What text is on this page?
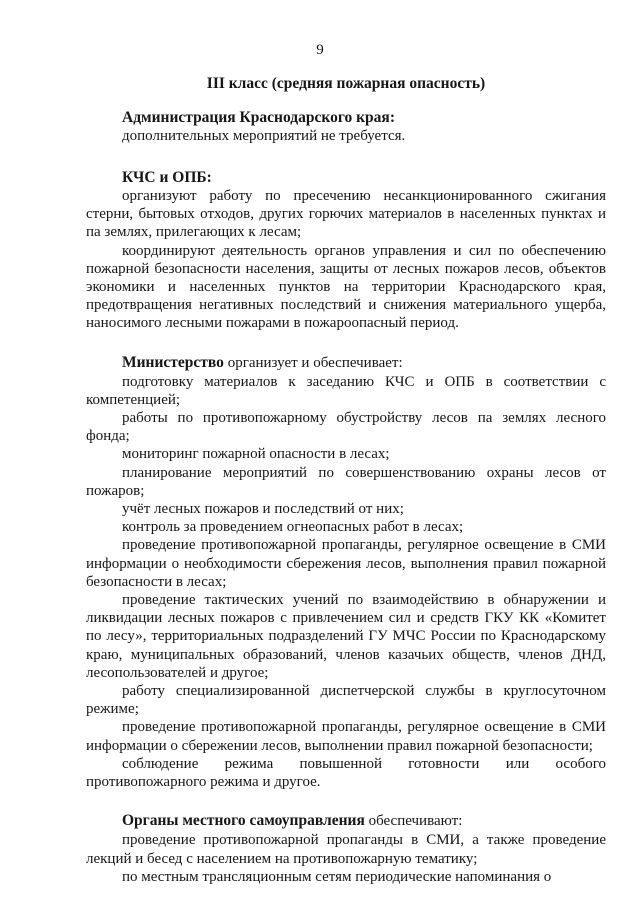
9
III класс (средняя пожарная опасность)
Администрация Краснодарского края:
дополнительных мероприятий не требуется.
КЧС и ОПБ:
организуют работу по пресечению несанкционированного сжигания стерни, бытовых отходов, других горючих материалов в населенных пунктах и па землях, прилегающих к лесам;
координируют деятельность органов управления и сил по обеспечению пожарной безопасности населения, защиты от лесных пожаров лесов, объектов экономики и населенных пунктов на территории Краснодарского края, предотвращения негативных последствий и снижения материального ущерба, наносимого лесными пожарами в пожароопасный период.
Министерство организует и обеспечивает:
подготовку материалов к заседанию КЧС и ОПБ в соответствии с компетенцией;
работы по противопожарному обустройству лесов па землях лесного фонда;
мониторинг пожарной опасности в лесах;
планирование мероприятий по совершенствованию охраны лесов от пожаров;
учёт лесных пожаров и последствий от них;
контроль за проведением огнеопасных работ в лесах;
проведение противопожарной пропаганды, регулярное освещение в СМИ информации о необходимости сбережения лесов, выполнения правил пожарной безопасности в лесах;
проведение тактических учений по взаимодействию в обнаружении и ликвидации лесных пожаров с привлечением сил и средств ГКУ КК «Комитет по лесу», территориальных подразделений ГУ МЧС России по Краснодарскому краю, муниципальных образований, членов казачьих обществ, членов ДНД, лесопользователей и другое;
работу специализированной диспетчерской службы в круглосуточном режиме;
проведение противопожарной пропаганды, регулярное освещение в СМИ информации о сбережении лесов, выполнении правил пожарной безопасности;
соблюдение режима повышенной готовности или особого противопожарного режима и другое.
Органы местного самоуправления обеспечивают:
проведение противопожарной пропаганды в СМИ, а также проведение лекций и бесед с населением на противопожарную тематику;
по местным трансляционным сетям периодические напоминания о
